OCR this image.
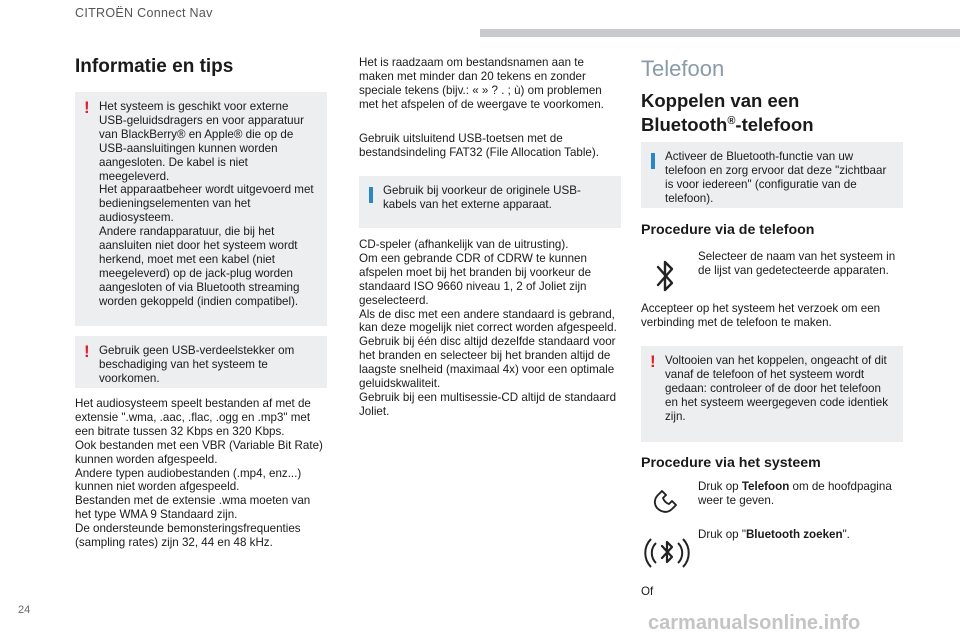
CITROËN Connect Nav
Informatie en tips
! Het systeem is geschikt voor externe USB-geluidsdragers en voor apparatuur van BlackBerry® en Apple® die op de USB-aansluitingen kunnen worden aangesloten. De kabel is niet meegeleverd.
Het apparaatbeheer wordt uitgevoerd met bedieningselementen van het audiosysteem.
Andere randapparatuur, die bij het aansluiten niet door het systeem wordt herkend, moet met een kabel (niet meegeleverd) op de jack-plug worden aangesloten of via Bluetooth streaming worden gekoppeld (indien compatibel).
! Gebruik geen USB-verdeelstekker om beschadiging van het systeem te voorkomen.
Het audiosysteem speelt bestanden af met de extensie ".wma, .aac, .flac, .ogg en .mp3" met een bitrate tussen 32 Kbps en 320 Kbps.
Ook bestanden met een VBR (Variable Bit Rate) kunnen worden afgespeeld.
Andere typen audiobestanden (.mp4, enz...) kunnen niet worden afgespeeld.
Bestanden met de extensie .wma moeten van het type WMA 9 Standaard zijn.
De ondersteunde bemonsteringsfrequenties (sampling rates) zijn 32, 44 en 48 kHz.
Het is raadzaam om bestandsnamen aan te maken met minder dan 20 tekens en zonder speciale tekens (bijv.: « » ? . ; ù) om problemen met het afspelen of de weergave te voorkomen.
Gebruik uitsluitend USB-toetsen met de bestandsindeling FAT32 (File Allocation Table).
Gebruik bij voorkeur de originele USB-kabels van het externe apparaat.
CD-speler (afhankelijk van de uitrusting).
Om een gebrande CDR of CDRW te kunnen afspelen moet bij het branden bij voorkeur de standaard ISO 9660 niveau 1, 2 of Joliet zijn geselecteerd.
Als de disc met een andere standaard is gebrand, kan deze mogelijk niet correct worden afgespeeld.
Gebruik bij één disc altijd dezelfde standaard voor het branden en selecteer bij het branden altijd de laagste snelheid (maximaal 4x) voor een optimale geluidskwaliteit.
Gebruik bij een multisessie-CD altijd de standaard Joliet.
Telefoon
Koppelen van een
Bluetooth®-telefoon
Activeer de Bluetooth-functie van uw telefoon en zorg ervoor dat deze "zichtbaar is voor iedereen" (configuratie van de telefoon).
Procedure via de telefoon
Selecteer de naam van het systeem in de lijst van gedetecteerde apparaten.
Accepteer op het systeem het verzoek om een verbinding met de telefoon te maken.
! Voltooien van het koppelen, ongeacht of dit vanaf de telefoon of het systeem wordt gedaan: controleer of de door het telefoon en het systeem weergegeven code identiek zijn.
Procedure via het systeem
Druk op Telefoon om de hoofdpagina weer te geven.
Druk op "Bluetooth zoeken".
Of
24
carmanualsonline.info
